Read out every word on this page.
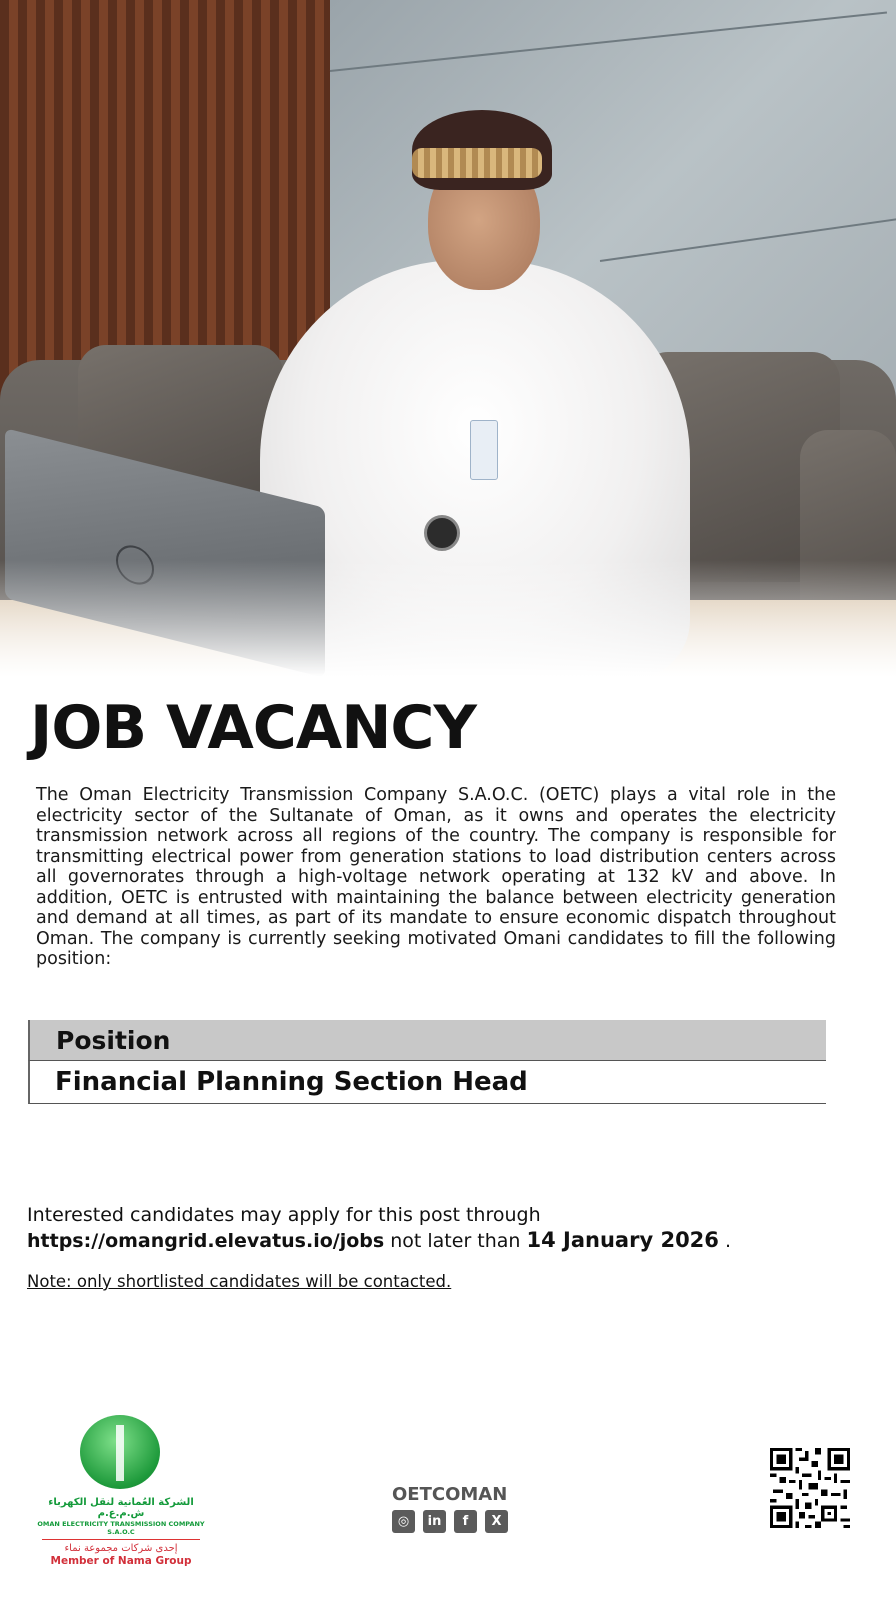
JOB VACANCY

The Oman Electricity Transmission Company S.A.O.C. (OETC) plays a vital role in the electricity sector of the Sultanate of Oman, as it owns and operates the electricity transmission network across all regions of the country. The company is responsible for transmitting electrical power from generation stations to load distribution centers across all governorates through a high-voltage network operating at 132 kV and above. In addition, OETC is entrusted with maintaining the balance between electricity generation and demand at all times, as part of its mandate to ensure economic dispatch throughout Oman. The company is currently seeking motivated Omani candidates to fill the following position:

Position
Financial Planning Section Head

Interested candidates may apply for this post through https://omangrid.elevatus.io/jobs not later than 14 January 2026 .

Note: only shortlisted candidates will be contacted.

الشركة العُمانية لنقل الكهرباء ش.م.ع.م

OMAN ELECTRICITY TRANSMISSION COMPANY S.A.O.C

إحدى شركات مجموعة نماء

Member of Nama Group

OETCOMAN

◎	in	f	X
